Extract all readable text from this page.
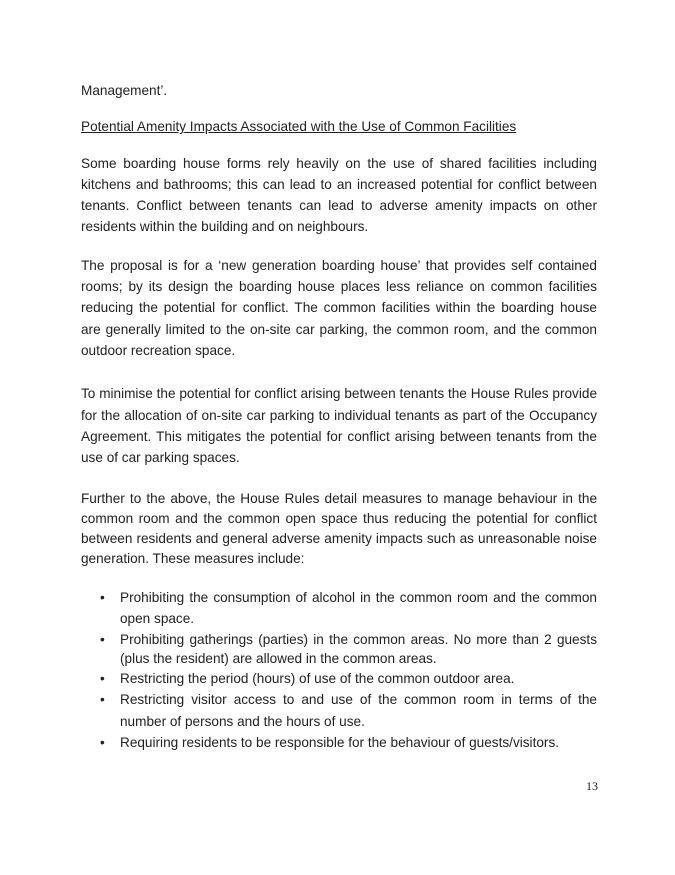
Management’.

Potential Amenity Impacts Associated with the Use of Common Facilities

Some boarding house forms rely heavily on the use of shared facilities including kitchens and bathrooms; this can lead to an increased potential for conflict between tenants. Conflict between tenants can lead to adverse amenity impacts on other residents within the building and on neighbours.

The proposal is for a ‘new generation boarding house’ that provides self contained rooms; by its design the boarding house places less reliance on common facilities reducing the potential for conflict. The common facilities within the boarding house are generally limited to the on-site car parking, the common room, and the common outdoor recreation space.

To minimise the potential for conflict arising between tenants the House Rules provide for the allocation of on-site car parking to individual tenants as part of the Occupancy Agreement. This mitigates the potential for conflict arising between tenants from the use of car parking spaces.

Further to the above, the House Rules detail measures to manage behaviour in the common room and the common open space thus reducing the potential for conflict between residents and general adverse amenity impacts such as unreasonable noise generation. These measures include:

• Prohibiting the consumption of alcohol in the common room and the common open space.
• Prohibiting gatherings (parties) in the common areas. No more than 2 guests (plus the resident) are allowed in the common areas.
• Restricting the period (hours) of use of the common outdoor area.
• Restricting visitor access to and use of the common room in terms of the number of persons and the hours of use.
• Requiring residents to be responsible for the behaviour of guests/visitors.
13
